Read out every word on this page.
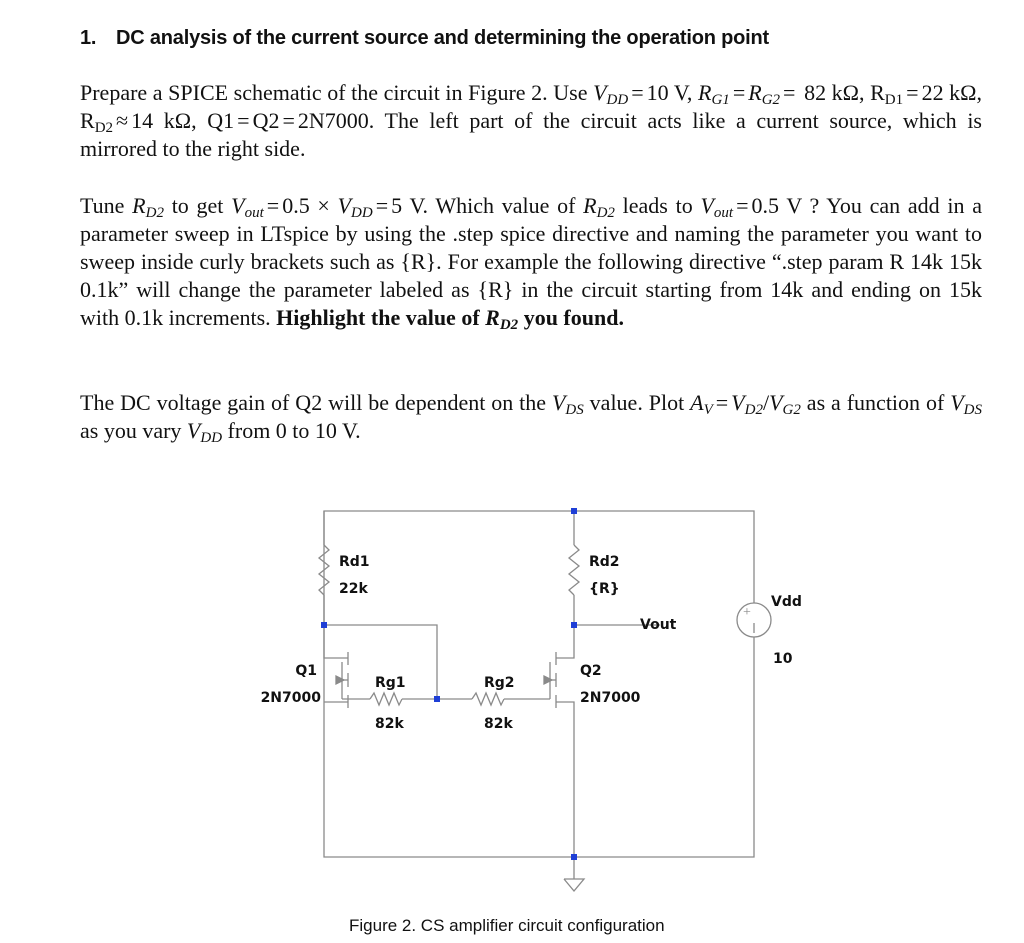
1. DC analysis of the current source and determining the operation point

Prepare a SPICE schematic of the circuit in Figure 2. Use $V_{DD} = 10$ V, $R_{G1} = R_{G2} = 82$ kΩ, $R_{D1} = 22$ kΩ, $R_{D2} \approx 14$ kΩ, Q1 = Q2 = 2N7000. The left part of the circuit acts like a current source, which is mirrored to the right side.

Tune $R_{D2}$ to get $V_{out} = 0.5 \times V_{DD} = 5$ V. Which value of $R_{D2}$ leads to $V_{out} = 0.5$ V ? You can add in a parameter sweep in LTspice by using the .step spice directive and naming the parameter you want to sweep inside curly brackets such as {R}. For example the following directive “.step param R 14k 15k 0.1k” will change the parameter labeled as {R} in the circuit starting from 14k and ending on 15k with 0.1k increments. Highlight the value of $R_{D2}$ you found.

The DC voltage gain of Q2 will be dependent on the $V_{DS}$ value. Plot $A_V = V_{D2}/V_{G2}$ as a function of $V_{DS}$ as you vary $V_{DD}$ from 0 to 10 V.

+
Rd1
22k
Rd2
{R}
Vdd
10
Vout
Q1
2N7000
Rg1
82k
Rg2
82k
Q2
2N7000

Figure 2. CS amplifier circuit configuration
